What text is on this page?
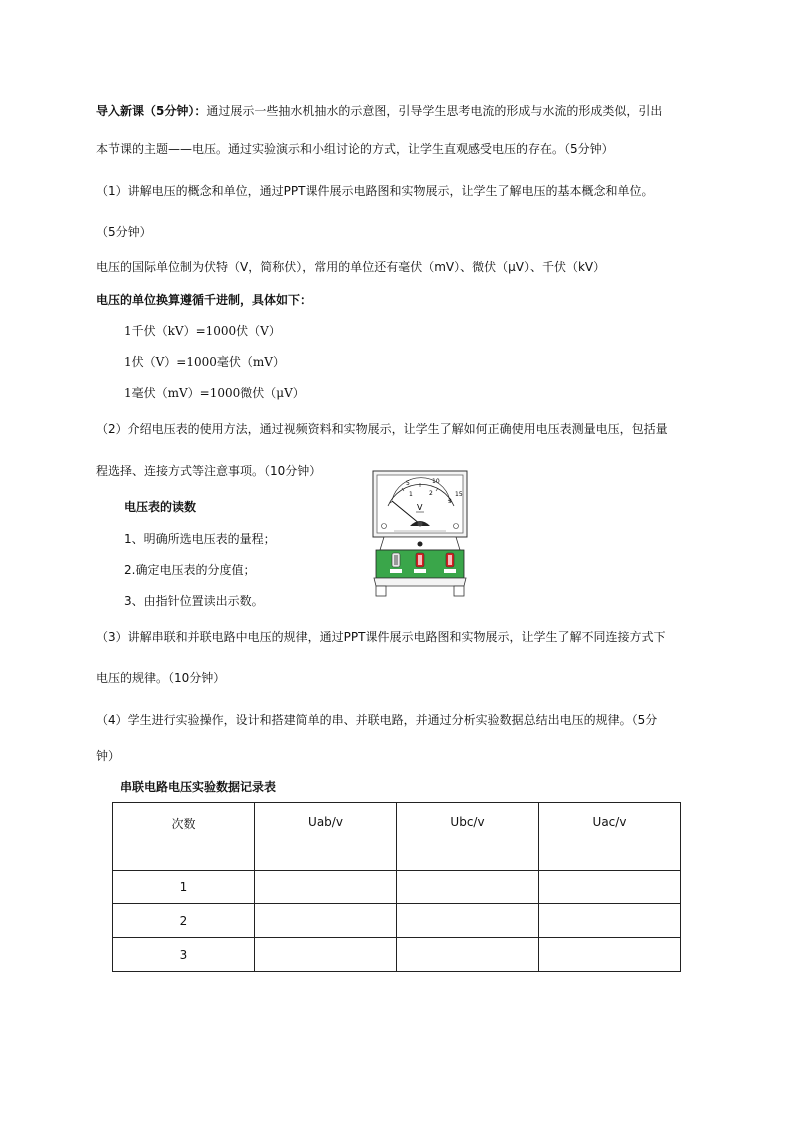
导入新课（5分钟）：通过展示一些抽水机抽水的示意图，引导学生思考电流的形成与水流的形成类似，引出
本节课的主题——电压。通过实验演示和小组讨论的方式，让学生直观感受电压的存在。（5分钟）
（1）讲解电压的概念和单位，通过PPT课件展示电路图和实物展示，让学生了解电压的基本概念和单位。
（5分钟）
电压的国际单位制为伏特（V，简称伏），常用的单位还有毫伏（mV）、微伏（μV）、千伏（kV）
电压的单位换算遵循千进制，具体如下：
1千伏（kV）=1000伏（V）
1伏（V）=1000毫伏（mV）
1毫伏（mV）=1000微伏（μV）
（2）介绍电压表的使用方法，通过视频资料和实物展示，让学生了解如何正确使用电压表测量电压，包括量
程选择、连接方式等注意事项。（10分钟）
电压表的读数
1、明确所选电压表的量程；
2.确定电压表的分度值；
3、由指针位置读出示数。
5	10
15
1	2
3
V
（3）讲解串联和并联电路中电压的规律，通过PPT课件展示电路图和实物展示，让学生了解不同连接方式下
电压的规律。（10分钟）
（4）学生进行实验操作，设计和搭建简单的串、并联电路，并通过分析实验数据总结出电压的规律。（5分
钟）
串联电路电压实验数据记录表
次数	Uab/v	Ubc/v	Uac/v
1			
2			
3			
